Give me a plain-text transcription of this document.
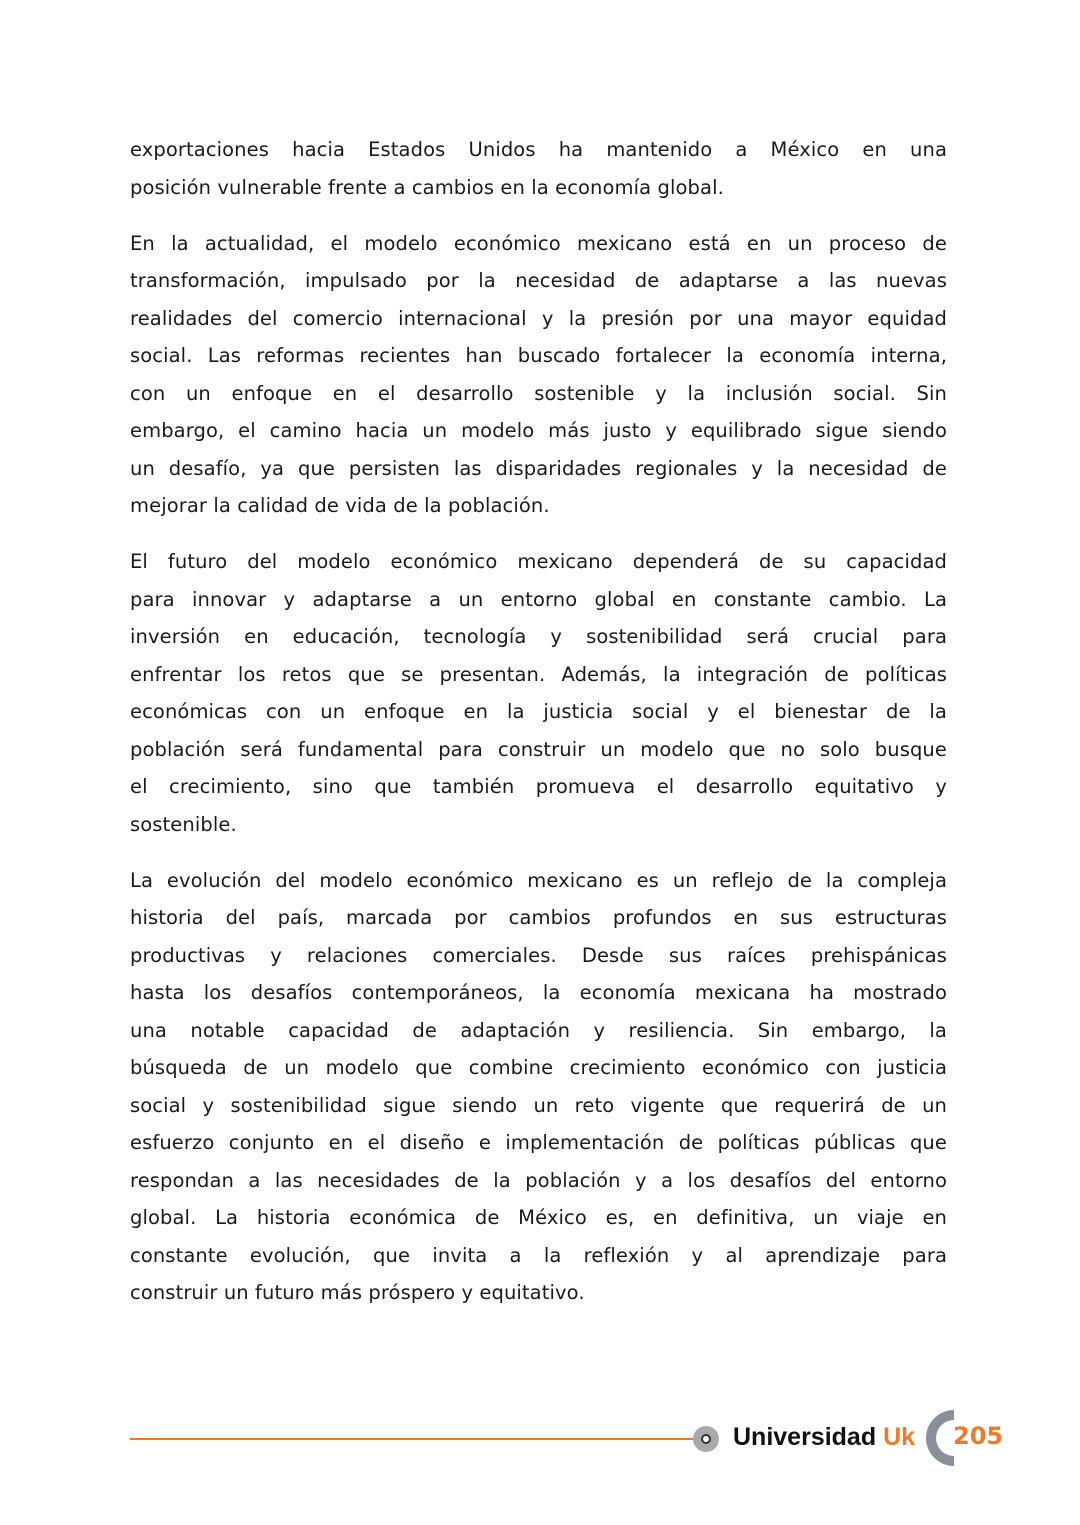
exportaciones hacia Estados Unidos ha mantenido a México en una
posición vulnerable frente a cambios en la economía global.
En la actualidad, el modelo económico mexicano está en un proceso de
transformación, impulsado por la necesidad de adaptarse a las nuevas
realidades del comercio internacional y la presión por una mayor equidad
social. Las reformas recientes han buscado fortalecer la economía interna,
con un enfoque en el desarrollo sostenible y la inclusión social. Sin
embargo, el camino hacia un modelo más justo y equilibrado sigue siendo
un desafío, ya que persisten las disparidades regionales y la necesidad de
mejorar la calidad de vida de la población.
El futuro del modelo económico mexicano dependerá de su capacidad
para innovar y adaptarse a un entorno global en constante cambio. La
inversión en educación, tecnología y sostenibilidad será crucial para
enfrentar los retos que se presentan. Además, la integración de políticas
económicas con un enfoque en la justicia social y el bienestar de la
población será fundamental para construir un modelo que no solo busque
el crecimiento, sino que también promueva el desarrollo equitativo y
sostenible.
La evolución del modelo económico mexicano es un reflejo de la compleja
historia del país, marcada por cambios profundos en sus estructuras
productivas y relaciones comerciales. Desde sus raíces prehispánicas
hasta los desafíos contemporáneos, la economía mexicana ha mostrado
una notable capacidad de adaptación y resiliencia. Sin embargo, la
búsqueda de un modelo que combine crecimiento económico con justicia
social y sostenibilidad sigue siendo un reto vigente que requerirá de un
esfuerzo conjunto en el diseño e implementación de políticas públicas que
respondan a las necesidades de la población y a los desafíos del entorno
global. La historia económica de México es, en definitiva, un viaje en
constante evolución, que invita a la reflexión y al aprendizaje para
construir un futuro más próspero y equitativo.
Universidad Uk 205
